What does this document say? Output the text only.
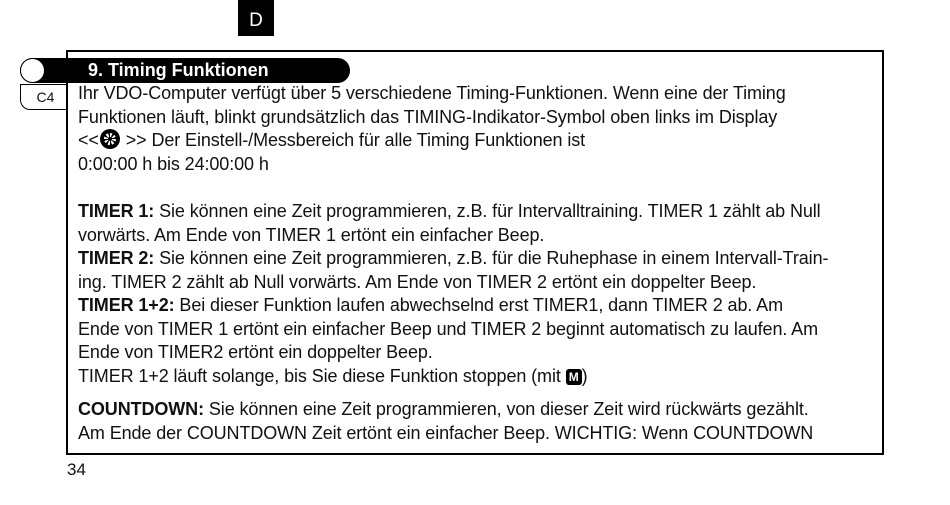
D
9. Timing Funktionen
C4	Ihr VDO-Computer verfügt über 5 verschiedene Timing-Funktionen. Wenn eine der Timing
Funktionen läuft, blinkt grundsätzlich das TIMING-Indikator-Symbol oben links im Display
<< >> Der Einstell-/Messbereich für alle Timing Funktionen ist
0:00:00 h bis 24:00:00 h

TIMER 1: Sie können eine Zeit programmieren, z.B. für Intervalltraining. TIMER 1 zählt ab Null
vorwärts. Am Ende von TIMER 1 ertönt ein einfacher Beep.

TIMER 2: Sie können eine Zeit programmieren, z.B. für die Ruhephase in einem Intervall-Train-
ing. TIMER 2 zählt ab Null vorwärts. Am Ende von TIMER 2 ertönt ein doppelter Beep.

TIMER 1+2: Bei dieser Funktion laufen abwechselnd erst TIMER1, dann TIMER 2 ab. Am
Ende von TIMER 1 ertönt ein einfacher Beep und TIMER 2 beginnt automatisch zu laufen. Am
Ende von TIMER2 ertönt ein doppelter Beep.
TIMER 1+2 läuft solange, bis Sie diese Funktion stoppen (mit M )

COUNTDOWN: Sie können eine Zeit programmieren, von dieser Zeit wird rückwärts gezählt.
Am Ende der COUNTDOWN Zeit ertönt ein einfacher Beep. WICHTIG: Wenn COUNTDOWN

34
